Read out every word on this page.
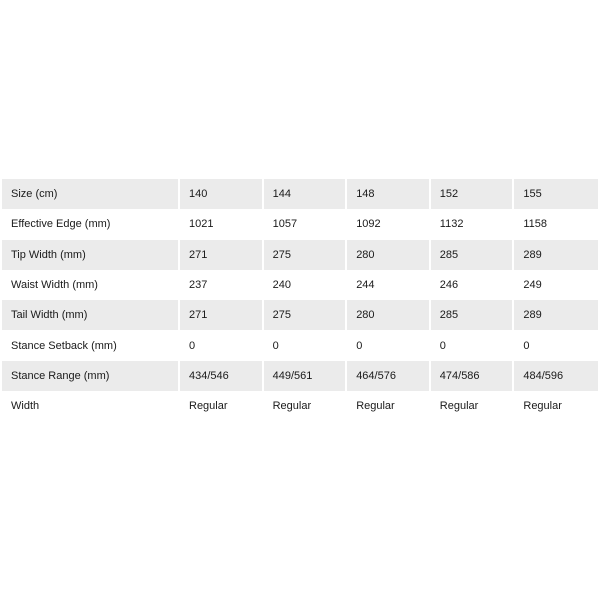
Size (cm)	140	144	148	152	155
Effective Edge (mm)	1021	1057	1092	1132	1158
Tip Width (mm)	271	275	280	285	289
Waist Width (mm)	237	240	244	246	249
Tail Width (mm)	271	275	280	285	289
Stance Setback (mm)	0	0	0	0	0
Stance Range (mm)	434/546	449/561	464/576	474/586	484/596
Width	Regular	Regular	Regular	Regular	Regular
